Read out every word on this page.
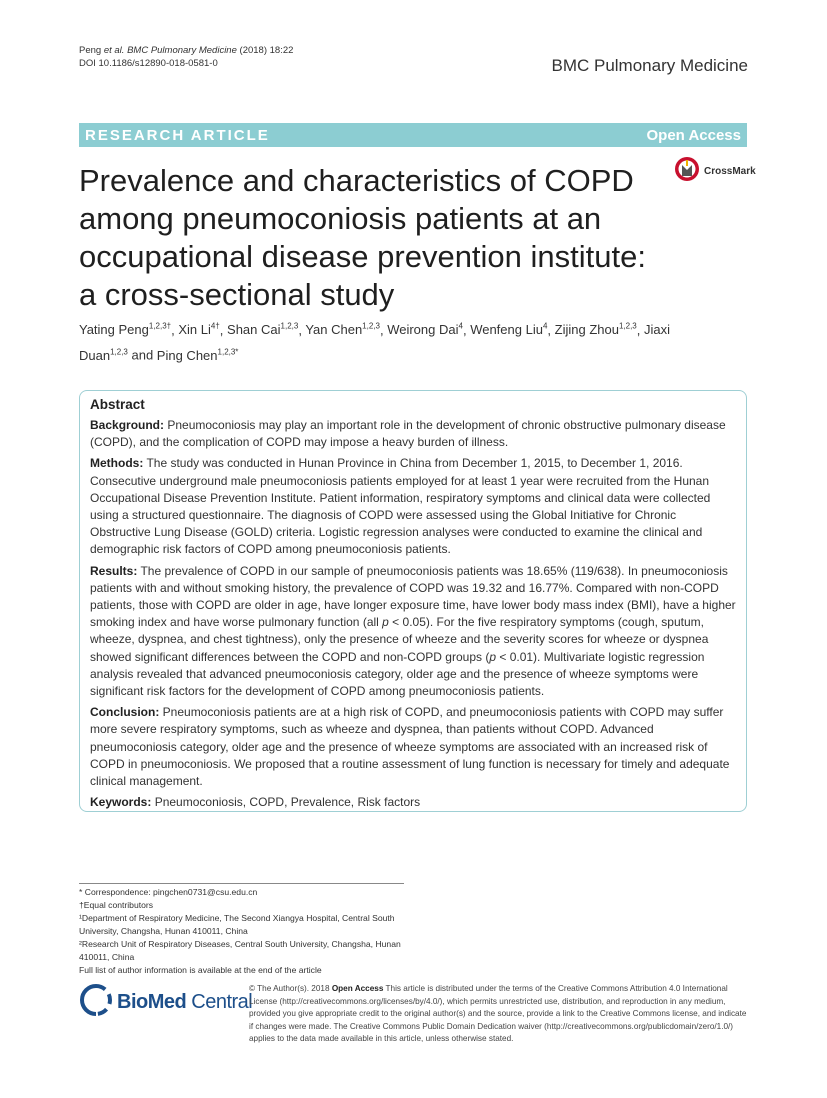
Peng et al. BMC Pulmonary Medicine (2018) 18:22
DOI 10.1186/s12890-018-0581-0	BMC Pulmonary Medicine
RESEARCH ARTICLE	Open Access
Prevalence and characteristics of COPD among pneumoconiosis patients at an occupational disease prevention institute: a cross-sectional study
CrossMark
Yating Peng$^{1,2,3\dagger}$, Xin $Li^{4\dagger}$, Shan Cai$^{1,2,3}$, Yan Chen$^{1,2,3}$, Weirong Dai$^4$, Wenfeng Liu$^4$, Zijing Zhou$^{1,2,3}$, Jiaxi Duan$^{1,2,3}$ and Ping Chen$^{1,2,3*}$
Abstract

Background: Pneumoconiosis may play an important role in the development of chronic obstructive pulmonary disease (COPD), and the complication of COPD may impose a heavy burden of illness.

Methods: The study was conducted in Hunan Province in China from December 1, 2015, to December 1, 2016. Consecutive underground male pneumoconiosis patients employed for at least 1 year were recruited from the Hunan Occupational Disease Prevention Institute. Patient information, respiratory symptoms and clinical data were collected using a structured questionnaire. The diagnosis of COPD were assessed using the Global Initiative for Chronic Obstructive Lung Disease (GOLD) criteria. Logistic regression analyses were conducted to examine the clinical and demographic risk factors of COPD among pneumoconiosis patients.

Results: The prevalence of COPD in our sample of pneumoconiosis patients was 18.65% (119/638). In pneumoconiosis patients with and without smoking history, the prevalence of COPD was 19.32 and 16.77%. Compared with non-COPD patients, those with COPD are older in age, have longer exposure time, have lower body mass index (BMI), have a higher smoking index and have worse pulmonary function (all p < 0.05). For the five respiratory symptoms (cough, sputum, wheeze, dyspnea, and chest tightness), only the presence of wheeze and the severity scores for wheeze or dyspnea showed significant differences between the COPD and non-COPD groups (p < 0.01). Multivariate logistic regression analysis revealed that advanced pneumoconiosis category, older age and the presence of wheeze symptoms were significant risk factors for the development of COPD among pneumoconiosis patients.

Conclusion: Pneumoconiosis patients are at a high risk of COPD, and pneumoconiosis patients with COPD may suffer more severe respiratory symptoms, such as wheeze and dyspnea, than patients without COPD. Advanced pneumoconiosis category, older age and the presence of wheeze symptoms are associated with an increased risk of COPD in pneumoconiosis. We proposed that a routine assessment of lung function is necessary for timely and adequate clinical management.

Keywords: Pneumoconiosis, COPD, Prevalence, Risk factors

* Correspondence: pingchen0731@csu.edu.cn
†Equal contributors
¹Department of Respiratory Medicine, The Second Xiangya Hospital, Central South University, Changsha, Hunan 410011, China
²Research Unit of Respiratory Diseases, Central South University, Changsha, Hunan 410011, China
Full list of author information is available at the end of the article
BioMed Central
© The Author(s). 2018 Open Access This article is distributed under the terms of the Creative Commons Attribution 4.0 International License (http://creativecommons.org/licenses/by/4.0/), which permits unrestricted use, distribution, and reproduction in any medium, provided you give appropriate credit to the original author(s) and the source, provide a link to the Creative Commons license, and indicate if changes were made. The Creative Commons Public Domain Dedication waiver (http://creativecommons.org/publicdomain/zero/1.0/) applies to the data made available in this article, unless otherwise stated.
